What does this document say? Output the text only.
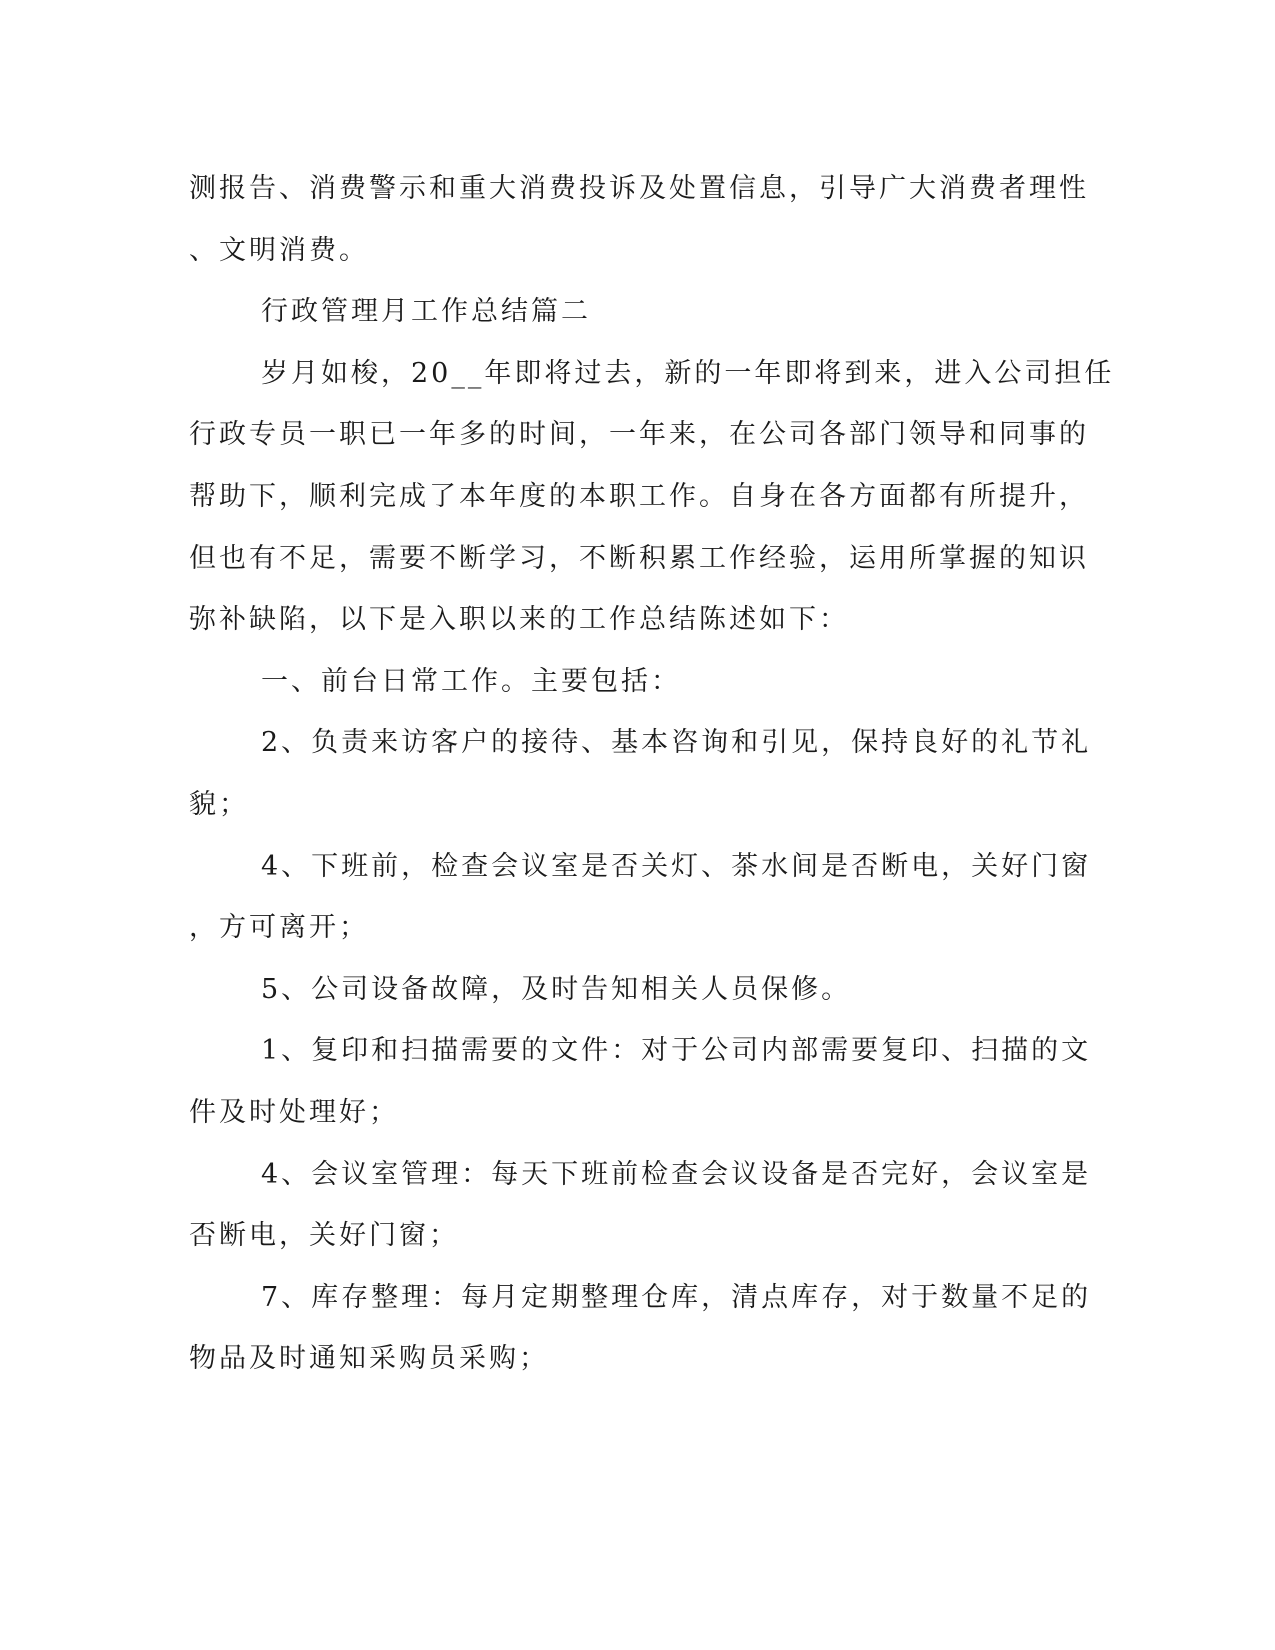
测报告、消费警示和重大消费投诉及处置信息，引导广大消费者理性
、文明消费。
行政管理月工作总结篇二
岁月如梭，20__年即将过去，新的一年即将到来，进入公司担任
行政专员一职已一年多的时间，一年来，在公司各部门领导和同事的
帮助下，顺利完成了本年度的本职工作。自身在各方面都有所提升，
但也有不足，需要不断学习，不断积累工作经验，运用所掌握的知识
弥补缺陷，以下是入职以来的工作总结陈述如下：
一、前台日常工作。主要包括：
2、负责来访客户的接待、基本咨询和引见，保持良好的礼节礼
貌；
4、下班前，检查会议室是否关灯、茶水间是否断电，关好门窗
，方可离开；
5、公司设备故障，及时告知相关人员保修。
1、复印和扫描需要的文件：对于公司内部需要复印、扫描的文
件及时处理好；
4、会议室管理：每天下班前检查会议设备是否完好，会议室是
否断电，关好门窗；
7、库存整理：每月定期整理仓库，清点库存，对于数量不足的
物品及时通知采购员采购；
